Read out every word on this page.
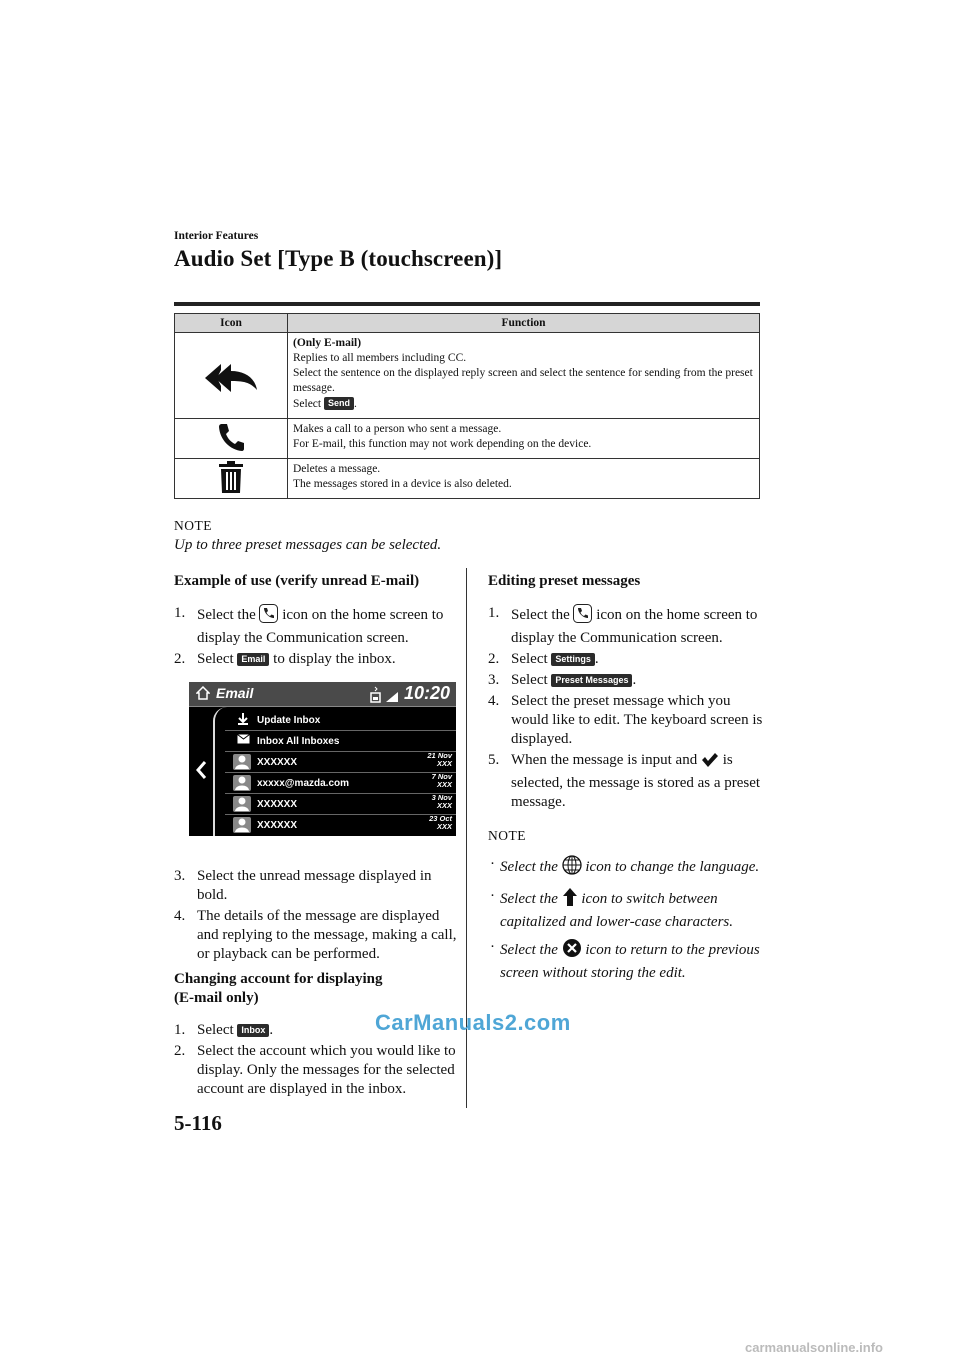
Interior Features
Audio Set [Type B (touchscreen)]
Icon	Function

(Only E-mail)
Replies to all members including CC.
Select the sentence on the displayed reply screen and select the sentence for sending from the preset message.
Select Send .

Makes a call to a person who sent a message.
For E-mail, this function may not work depending on the device.

Deletes a message.
The messages stored in a device is also deleted.
NOTE
Up to three preset messages can be selected.
Example of use (verify unread E-mail)
1. Select the icon on the home screen to display the Communication screen.
2. Select Email to display the inbox.
3. Select the unread message displayed in bold.
4. The details of the message are displayed and replying to the message, making a call, or playback can be performed.
Changing account for displaying
(E-mail only)
1. Select Inbox .
2. Select the account which you would like to display. Only the messages for the selected account are displayed in the inbox.
Email	10:20
Update Inbox
Inbox All Inboxes
XXXXXX
21 Nov
XXX
xxxxx@mazda.com
7 Nov
XXX
XXXXXX
3 Nov
XXX
XXXXXX
23 Oct
XXX
Editing preset messages
1. Select the icon on the home screen to display the Communication screen.
2. Select Settings .
3. Select Preset Messages .
4. Select the preset message which you would like to edit. The keyboard screen is displayed.
5. When the message is input and is selected, the message is stored as a preset message.
NOTE
· Select the icon to change the language.
· Select the icon to switch between capitalized and lower-case characters.
· Select the icon to return to the previous screen without storing the edit.
CarManuals2.com
5-116
carmanualsonline.info
